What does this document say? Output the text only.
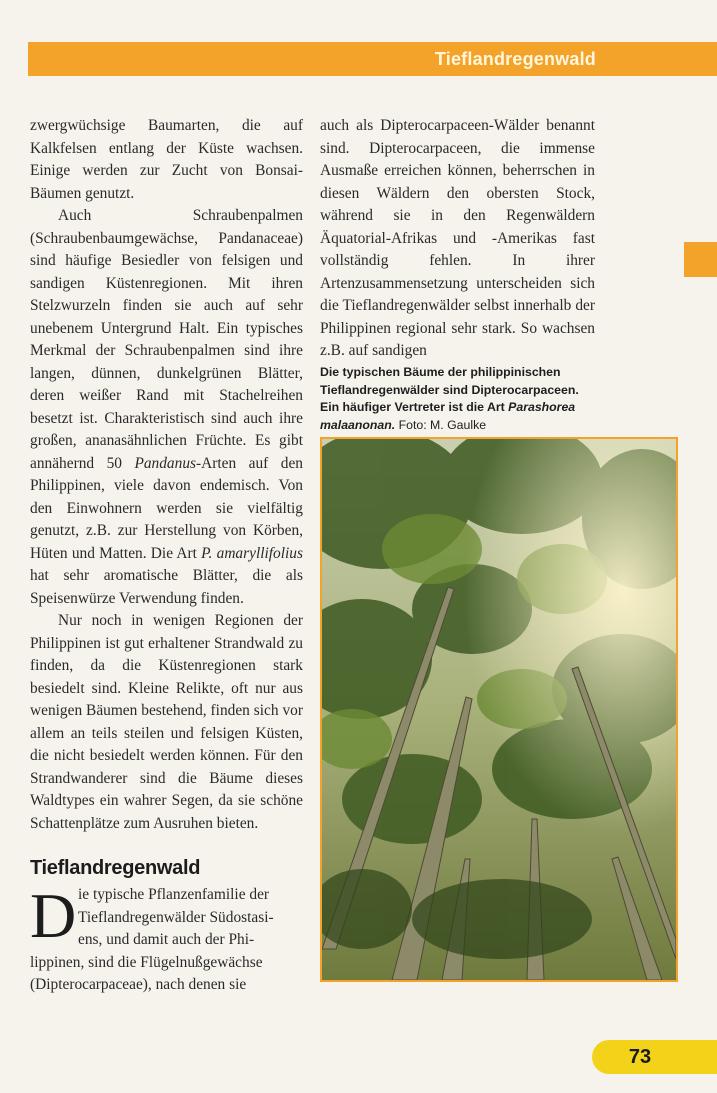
Tieflandregenwald

zwergwüchsige Baumarten, die auf Kalkfelsen entlang der Küste wachsen. Einige werden zur Zucht von Bonsai-Bäumen genutzt.

Auch Schraubenpalmen (Schraubenbaumgewächse, Pandanaceae) sind häufige Besiedler von felsigen und sandigen Küstenregionen. Mit ihren Stelzwurzeln finden sie auch auf sehr unebenem Untergrund Halt. Ein typisches Merkmal der Schraubenpalmen sind ihre langen, dünnen, dunkelgrünen Blätter, deren weißer Rand mit Stachelreihen besetzt ist. Charakteristisch sind auch ihre großen, ananasähnlichen Früchte. Es gibt annähernd 50 Pandanus-Arten auf den Philippinen, viele davon endemisch. Von den Einwohnern werden sie vielfältig genutzt, z.B. zur Herstellung von Körben, Hüten und Matten. Die Art P. amaryllifolius hat sehr aromatische Blätter, die als Speisenwürze Verwendung finden.

Nur noch in wenigen Regionen der Philippinen ist gut erhaltener Strandwald zu finden, da die Küstenregionen stark besiedelt sind. Kleine Relikte, oft nur aus wenigen Bäumen bestehend, finden sich vor allem an teils steilen und felsigen Küsten, die nicht besiedelt werden können. Für den Strandwanderer sind die Bäume dieses Waldtypes ein wahrer Segen, da sie schöne Schattenplätze zum Ausruhen bieten.

auch als Dipterocarpaceen-Wälder benannt sind. Dipterocarpaceen, die immense Ausmaße erreichen können, beherrschen in diesen Wäldern den obersten Stock, während sie in den Regenwäldern Äquatorial-Afrikas und -Amerikas fast vollständig fehlen. In ihrer Artenzusammensetzung unterscheiden sich die Tieflandregenwälder selbst innerhalb der Philippinen regional sehr stark. So wachsen z.B. auf sandigen

Die typischen Bäume der philippinischen Tieflandregenwälder sind Dipterocarpaceen. Ein häufiger Vertreter ist die Art Parashorea malaanonan. Foto: M. Gaulke
Tieflandregenwald
D ie typische Pflanzenfamilie der
Tieflandregenwälder Südostasi-
ens, und damit auch der Phi-
lippinen, sind die Flügelnußgewächse
(Dipterocarpaceae), nach denen sie
73
